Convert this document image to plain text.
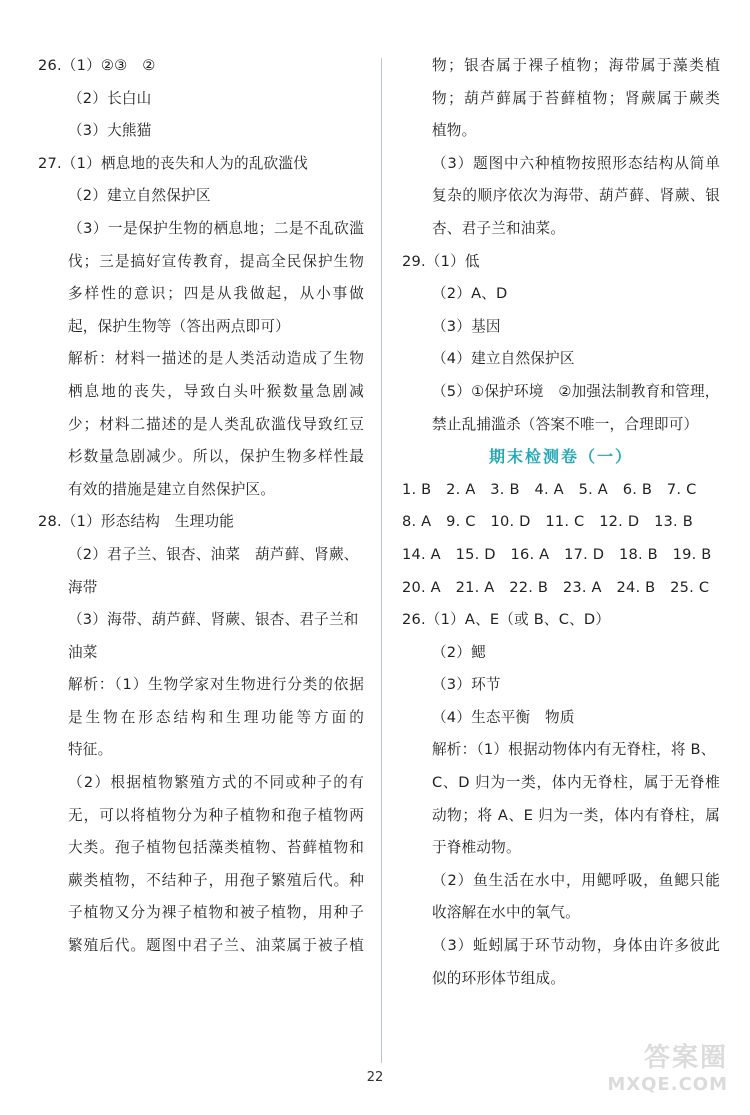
26.（1）②③　②
（2）长白山
（3）大熊猫
27.（1）栖息地的丧失和人为的乱砍滥伐
（2）建立自然保护区
（3）一是保护生物的栖息地；二是不乱砍滥
伐；三是搞好宣传教育，提高全民保护生物
多样性的意识；四是从我做起，从小事做
起，保护生物等（答出两点即可）
解析：材料一描述的是人类活动造成了生物
栖息地的丧失，导致白头叶猴数量急剧减
少；材料二描述的是人类乱砍滥伐导致红豆
杉数量急剧减少。所以，保护生物多样性最
有效的措施是建立自然保护区。
28.（1）形态结构　生理功能
（2）君子兰、银杏、油菜　葫芦藓、肾蕨、
海带
（3）海带、葫芦藓、肾蕨、银杏、君子兰和
油菜
解析：（1）生物学家对生物进行分类的依据
是生物在形态结构和生理功能等方面的
特征。
（2）根据植物繁殖方式的不同或种子的有
无，可以将植物分为种子植物和孢子植物两
大类。孢子植物包括藻类植物、苔藓植物和
蕨类植物，不结种子，用孢子繁殖后代。种
子植物又分为裸子植物和被子植物，用种子
繁殖后代。题图中君子兰、油菜属于被子植
物；银杏属于裸子植物；海带属于藻类植
物；葫芦藓属于苔藓植物；肾蕨属于蕨类
植物。
（3）题图中六种植物按照形态结构从简单
复杂的顺序依次为海带、葫芦藓、肾蕨、银
杏、君子兰和油菜。
29.（1）低
（2）A、D
（3）基因
（4）建立自然保护区
（5）①保护环境　②加强法制教育和管理，
禁止乱捕滥杀（答案不唯一，合理即可）
期末检测卷（一）
1. B　2. A　3. B　4. A　5. A　6. B　7. C
8. A　9. C　10. D　11. C　12. D　13. B
14. A　15. D　16. A　17. D　18. B　19. B
20. A　21. A　22. B　23. A　24. B　25. C
26.（1）A、E（或 B、C、D）
（2）鳃
（3）环节
（4）生态平衡　物质
解析：（1）根据动物体内有无脊柱，将 B、
C、D 归为一类，体内无脊柱，属于无脊椎
动物；将 A、E 归为一类，体内有脊柱，属
于脊椎动物。
（2）鱼生活在水中，用鳃呼吸，鱼鳃只能
收溶解在水中的氧气。
（3）蚯蚓属于环节动物，身体由许多彼此
似的环形体节组成。
22
答案圈
MXQE.COM
